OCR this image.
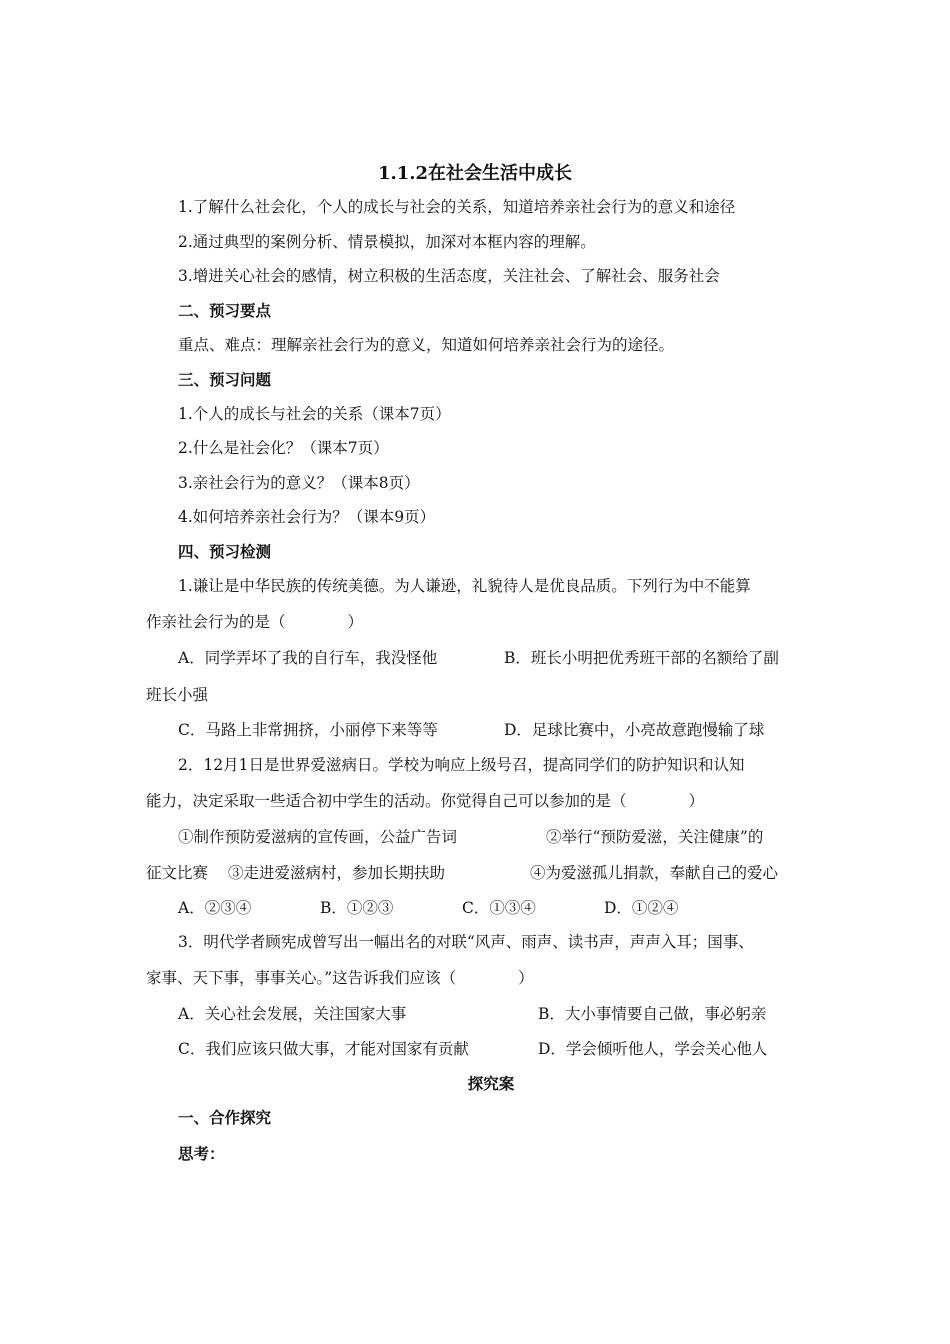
1.1.2在社会生活中成长
1.了解什么社会化，个人的成长与社会的关系，知道培养亲社会行为的意义和途径
2.通过典型的案例分析、情景模拟，加深对本框内容的理解。
3.增进关心社会的感情，树立积极的生活态度，关注社会、了解社会、服务社会
二、预习要点
重点、难点：理解亲社会行为的意义，知道如何培养亲社会行为的途径。
三、预习问题
1.个人的成长与社会的关系（课本7页）
2.什么是社会化？（课本7页）
3.亲社会行为的意义？（课本8页）
4.如何培养亲社会行为？（课本9页）
四、预习检测
1.谦让是中华民族的传统美德。为人谦逊，礼貌待人是优良品质。下列行为中不能算
作亲社会行为的是（　　　　）
A．同学弄坏了我的自行车，我没怪他	B．班长小明把优秀班干部的名额给了副
班长小强
C．马路上非常拥挤，小丽停下来等等	D．足球比赛中，小亮故意跑慢输了球
2．12月1日是世界爱滋病日。学校为响应上级号召，提高同学们的防护知识和认知
能力，决定采取一些适合初中学生的活动。你觉得自己可以参加的是（　　　　）
①制作预防爱滋病的宣传画，公益广告词	②举行“预防爱滋，关注健康”的
征文比赛 ③走进爱滋病村，参加长期扶助	④为爱滋孤儿捐款，奉献自己的爱心
A．②③④	B．①②③	C．①③④	D．①②④
3．明代学者顾宪成曾写出一幅出名的对联“风声、雨声、读书声，声声入耳；国事、
家事、天下事，事事关心。”这告诉我们应该（　　　　）
A．关心社会发展，关注国家大事	B．大小事情要自己做，事必躬亲
C．我们应该只做大事，才能对国家有贡献	D．学会倾听他人，学会关心他人
探究案
一、合作探究
思考：
